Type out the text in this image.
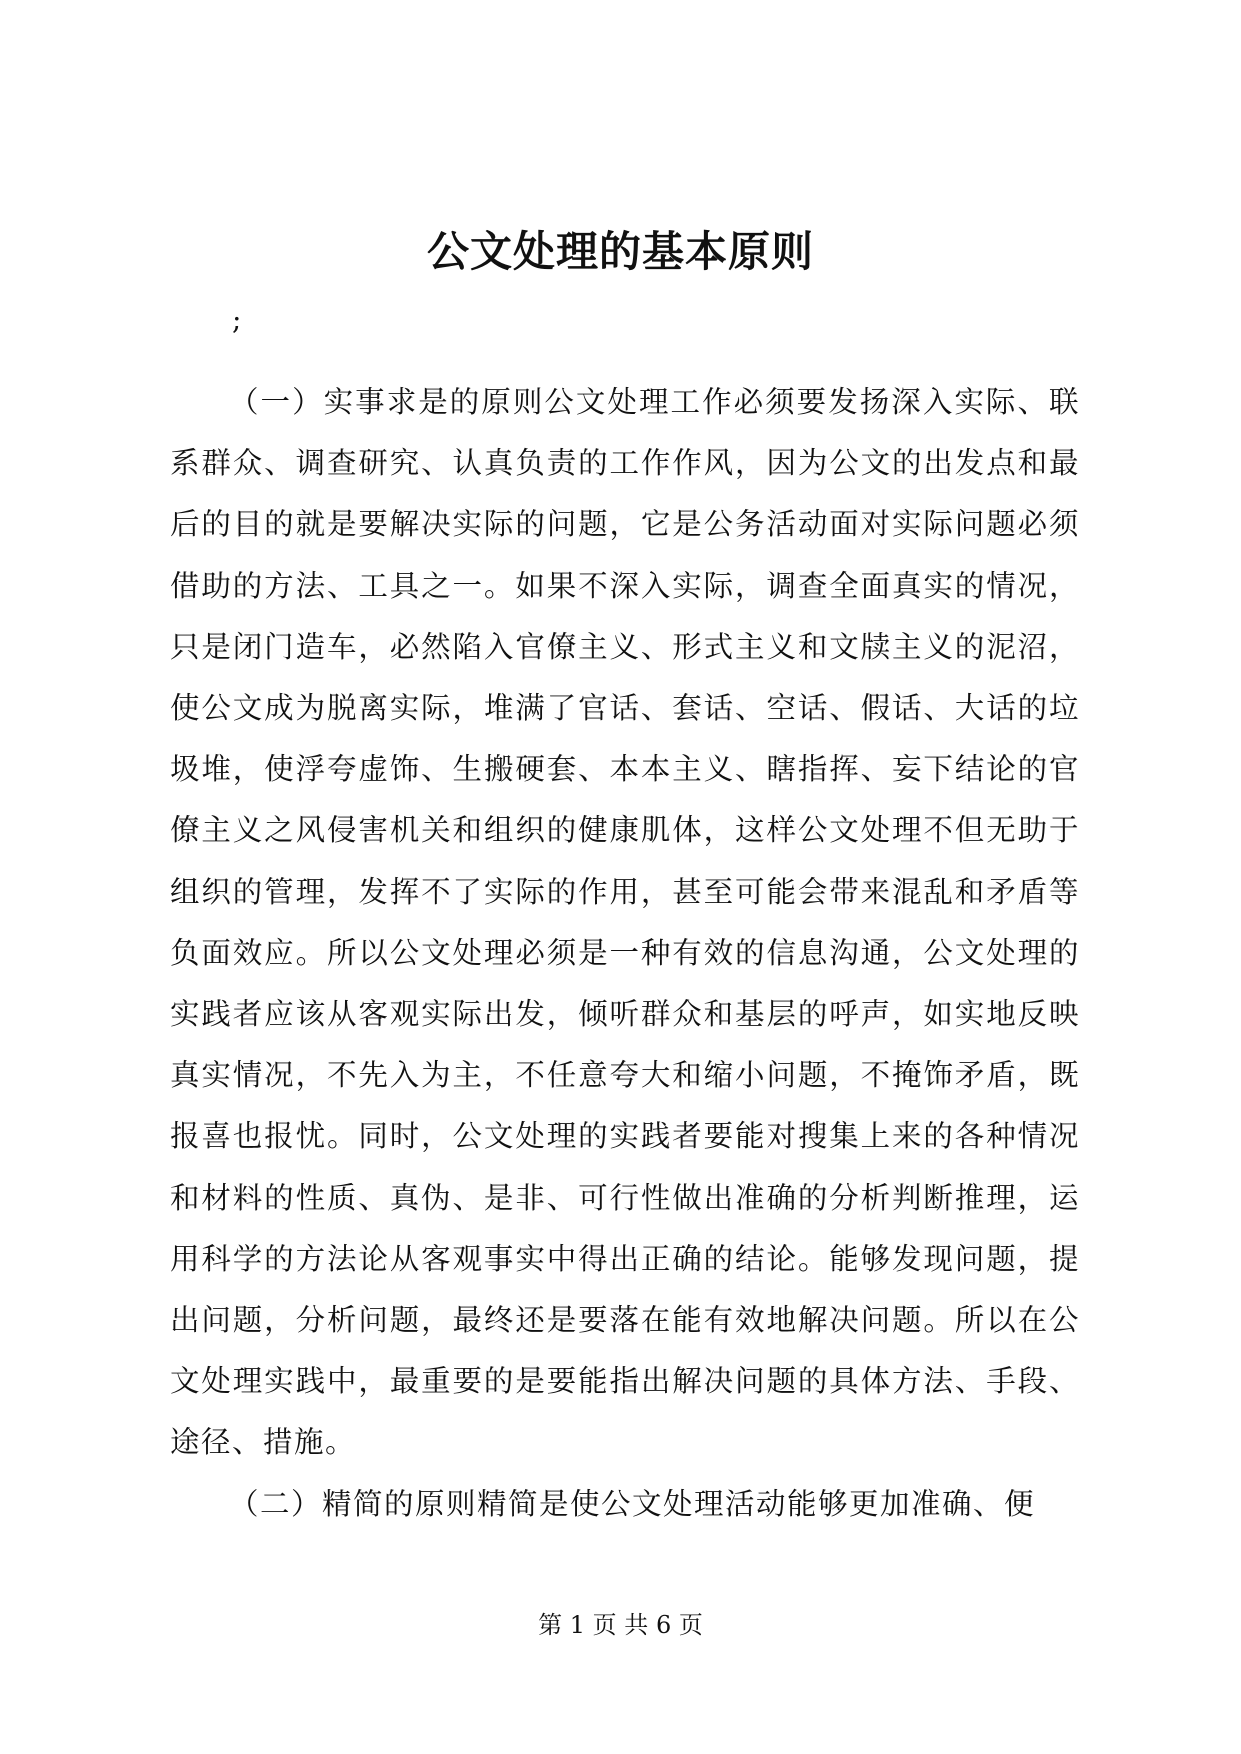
公文处理的基本原则
;

（一）实事求是的原则公文处理工作必须要发扬深入实际、联系群众、调查研究、认真负责的工作作风，因为公文的出发点和最后的目的就是要解决实际的问题，它是公务活动面对实际问题必须借助的方法、工具之一。如果不深入实际，调查全面真实的情况，只是闭门造车，必然陷入官僚主义、形式主义和文牍主义的泥沼，使公文成为脱离实际，堆满了官话、套话、空话、假话、大话的垃圾堆，使浮夸虚饰、生搬硬套、本本主义、瞎指挥、妄下结论的官僚主义之风侵害机关和组织的健康肌体，这样公文处理不但无助于组织的管理，发挥不了实际的作用，甚至可能会带来混乱和矛盾等负面效应。所以公文处理必须是一种有效的信息沟通，公文处理的实践者应该从客观实际出发，倾听群众和基层的呼声，如实地反映真实情况，不先入为主，不任意夸大和缩小问题，不掩饰矛盾，既报喜也报忧。同时，公文处理的实践者要能对搜集上来的各种情况和材料的性质、真伪、是非、可行性做出准确的分析判断推理，运用科学的方法论从客观事实中得出正确的结论。能够发现问题，提出问题，分析问题，最终还是要落在能有效地解决问题。所以在公文处理实践中，最重要的是要能指出解决问题的具体方法、手段、途径、措施。

（二）精简的原则精简是使公文处理活动能够更加准确、便

第 1 页 共 6 页
